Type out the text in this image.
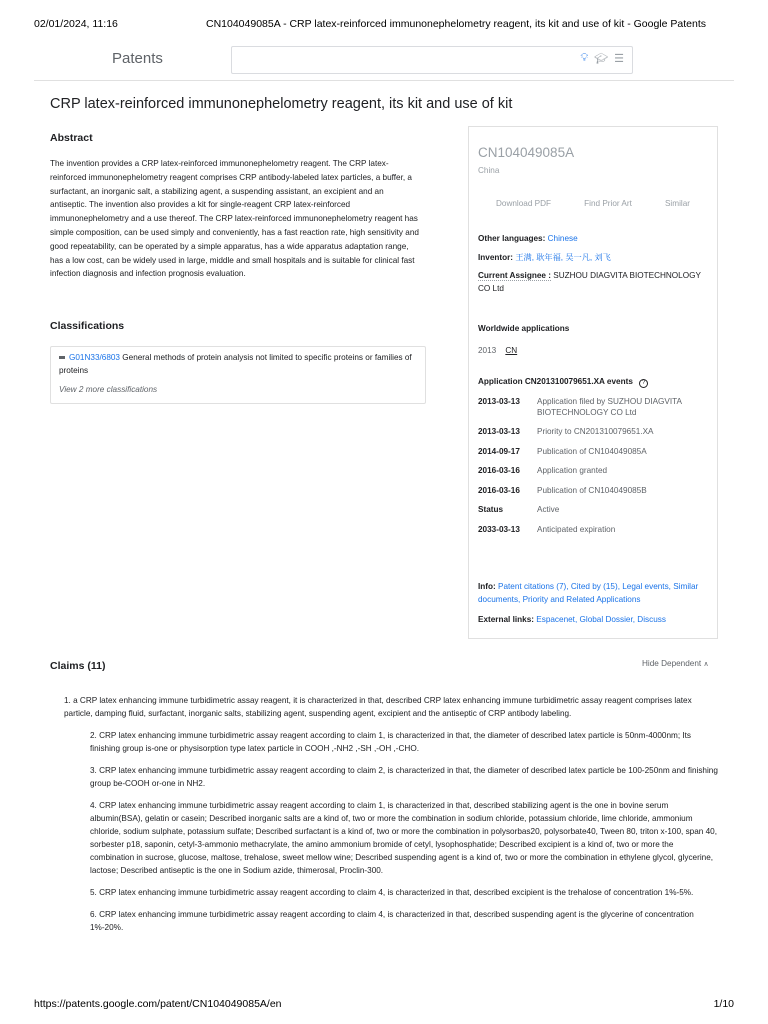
02/01/2024, 11:16	CN104049085A - CRP latex-reinforced immunonephelometry reagent, its kit and use of kit - Google Patents
Patents	💡︎ 🎓︎ ☰
CRP latex-reinforced immunonephelometry reagent, its kit and use of kit
Abstract

The invention provides a CRP latex-reinforced immunonephelometry reagent. The CRP latex-reinforced immunonephelometry reagent comprises CRP antibody-labeled latex particles, a buffer, a surfactant, an inorganic salt, a stabilizing agent, a suspending assistant, an excipient and an antiseptic. The invention also provides a kit for single-reagent CRP latex-reinforced immunonephelometry and a use thereof. The CRP latex-reinforced immunonephelometry reagent has simple composition, can be used simply and conveniently, has a fast reaction rate, high sensitivity and good repeatability, can be operated by a simple apparatus, has a wide apparatus adaptation range, has a low cost, can be widely used in large, middle and small hospitals and is suitable for clinical fast infection diagnosis and infection prognosis evaluation.

Classifications
G01N33/6803 General methods of protein analysis not limited to specific proteins or families of proteins
View 2 more classifications
CN104049085A
China
Download PDF	Find Prior Art	Similar
Other languages: Chinese
Inventor: 王满, 耿年福, 吴一凡, 刘飞
Current Assignee : SUZHOU DIAGVITA BIOTECHNOLOGY CO Ltd
Worldwide applications
2013 CN
Application CN201310079651.XA events ?
2013-03-13	Application filed by SUZHOU DIAGVITA BIOTECHNOLOGY CO Ltd
2013-03-13	Priority to CN201310079651.XA
2014-09-17	Publication of CN104049085A
2016-03-16	Application granted
2016-03-16	Publication of CN104049085B
Status	Active
2033-03-13	Anticipated expiration
Info: Patent citations (7), Cited by (15), Legal events, Similar documents, Priority and Related Applications
External links: Espacenet, Global Dossier, Discuss
Claims (11)	Hide Dependent ∧
1. a CRP latex enhancing immune turbidimetric assay reagent, it is characterized in that, described CRP latex enhancing immune turbidimetric assay reagent comprises latex particle, damping fluid, surfactant, inorganic salts, stabilizing agent, suspending agent, excipient and the antiseptic of CRP antibody labeling.
2. CRP latex enhancing immune turbidimetric assay reagent according to claim 1, is characterized in that, the diameter of described latex particle is 50nm-4000nm; Its finishing group is-one or physisorption type latex particle in COOH ,-NH2 ,-SH ,-OH ,-CHO.
3. CRP latex enhancing immune turbidimetric assay reagent according to claim 2, is characterized in that, the diameter of described latex particle be 100-250nm and finishing group be-COOH or-one in NH2.
4. CRP latex enhancing immune turbidimetric assay reagent according to claim 1, is characterized in that, described stabilizing agent is the one in bovine serum albumin(BSA), gelatin or casein; Described inorganic salts are a kind of, two or more the combination in sodium chloride, potassium chloride, lime chloride, ammonium chloride, sodium sulphate, potassium sulfate; Described surfactant is a kind of, two or more the combination in polysorbas20, polysorbate40, Tween 80, triton x-100, span 40, sorbester p18, saponin, cetyl-3-ammonio methacrylate, the amino ammonium bromide of cetyl, lysophosphatide; Described excipient is a kind of, two or more the combination in sucrose, glucose, maltose, trehalose, sweet mellow wine; Described suspending agent is a kind of, two or more the combination in ethylene glycol, glycerine, lactose; Described antiseptic is the one in Sodium azide, thimerosal, Proclin-300.
5. CRP latex enhancing immune turbidimetric assay reagent according to claim 4, is characterized in that, described excipient is the trehalose of concentration 1%-5%.
6. CRP latex enhancing immune turbidimetric assay reagent according to claim 4, is characterized in that, described suspending agent is the glycerine of concentration 1%-20%.
https://patents.google.com/patent/CN104049085A/en	1/10
